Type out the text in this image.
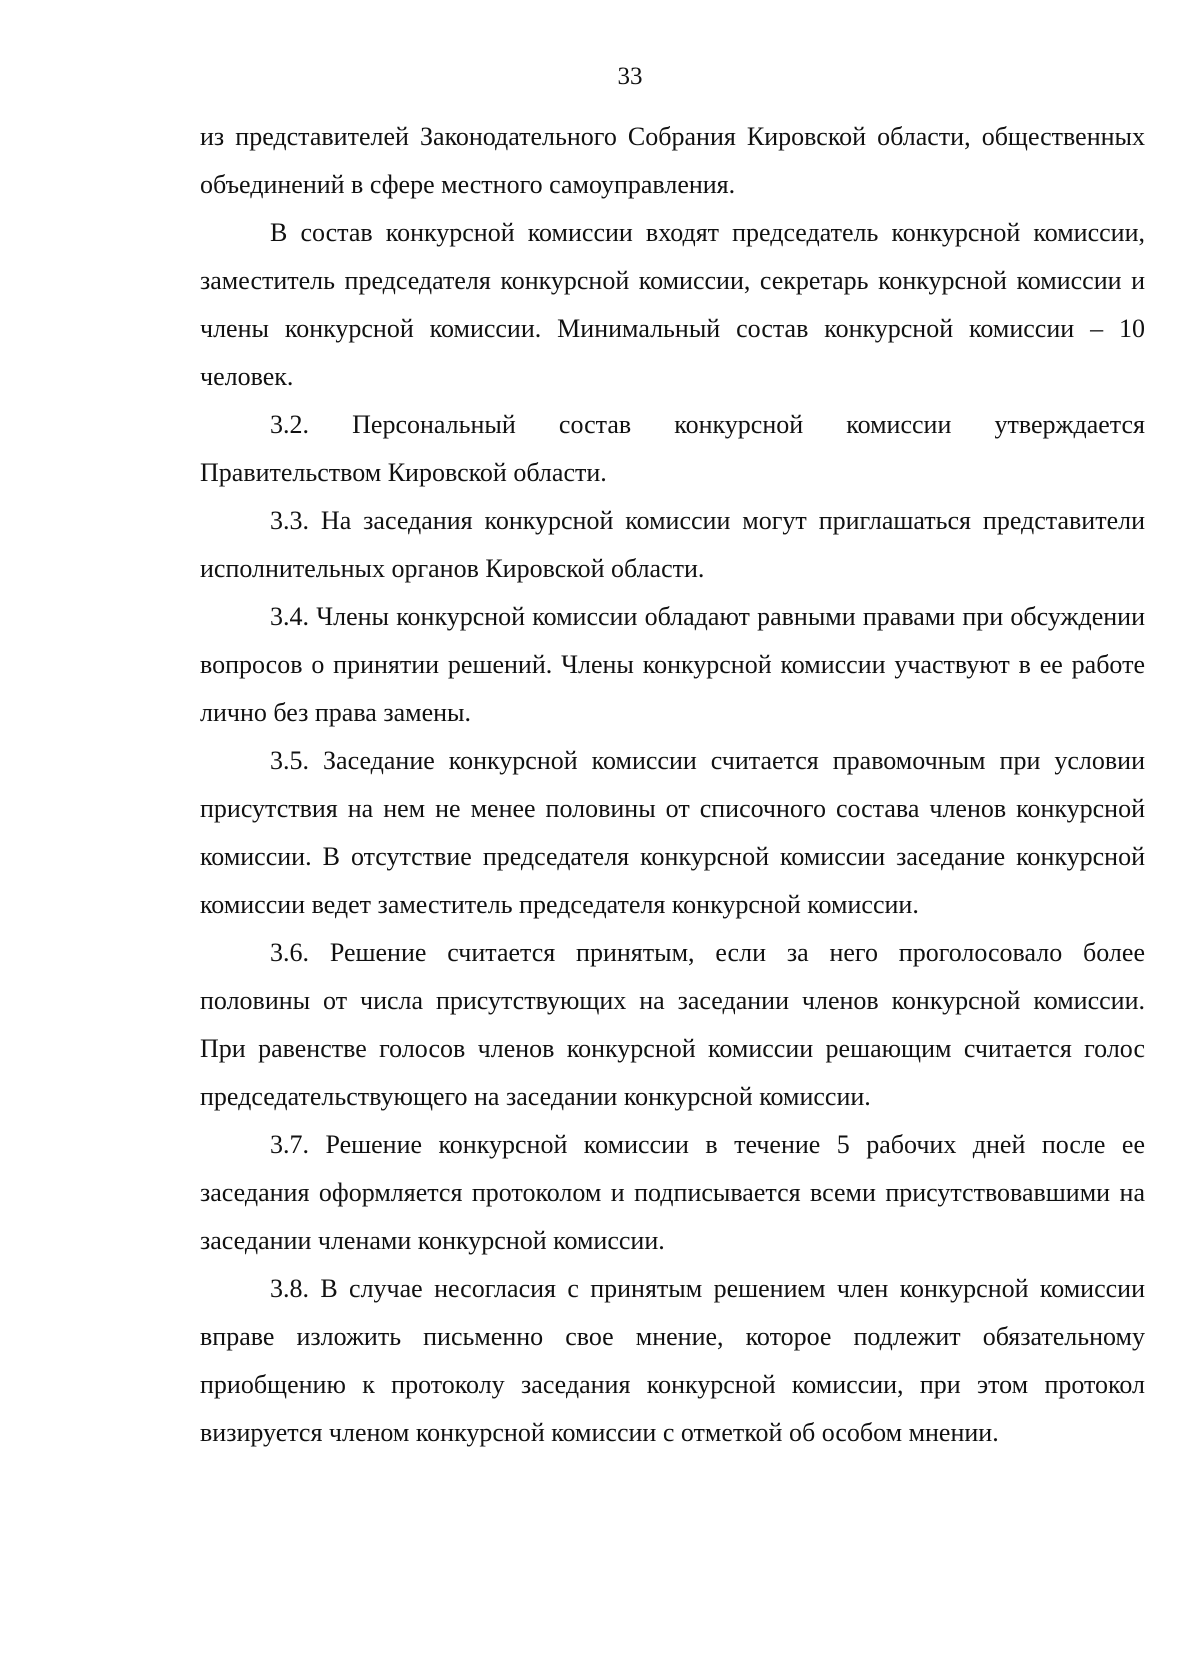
33

из представителей Законодательного Собрания Кировской области, общественных объединений в сфере местного самоуправления.

В состав конкурсной комиссии входят председатель конкурсной комиссии, заместитель председателя конкурсной комиссии, секретарь конкурсной комиссии и члены конкурсной комиссии. Минимальный состав конкурсной комиссии – 10 человек.

3.2. Персональный состав конкурсной комиссии утверждается Правительством Кировской области.

3.3. На заседания конкурсной комиссии могут приглашаться представители исполнительных органов Кировской области.

3.4. Члены конкурсной комиссии обладают равными правами при обсуждении вопросов о принятии решений. Члены конкурсной комиссии участвуют в ее работе лично без права замены.

3.5. Заседание конкурсной комиссии считается правомочным при условии присутствия на нем не менее половины от списочного состава членов конкурсной комиссии. В отсутствие председателя конкурсной комиссии заседание конкурсной комиссии ведет заместитель председателя конкурсной комиссии.

3.6. Решение считается принятым, если за него проголосовало более половины от числа присутствующих на заседании членов конкурсной комиссии. При равенстве голосов членов конкурсной комиссии решающим считается голос председательствующего на заседании конкурсной комиссии.

3.7. Решение конкурсной комиссии в течение 5 рабочих дней после ее заседания оформляется протоколом и подписывается всеми присутствовавшими на заседании членами конкурсной комиссии.

3.8. В случае несогласия с принятым решением член конкурсной комиссии вправе изложить письменно свое мнение, которое подлежит обязательному приобщению к протоколу заседания конкурсной комиссии, при этом протокол визируется членом конкурсной комиссии с отметкой об особом мнении.
